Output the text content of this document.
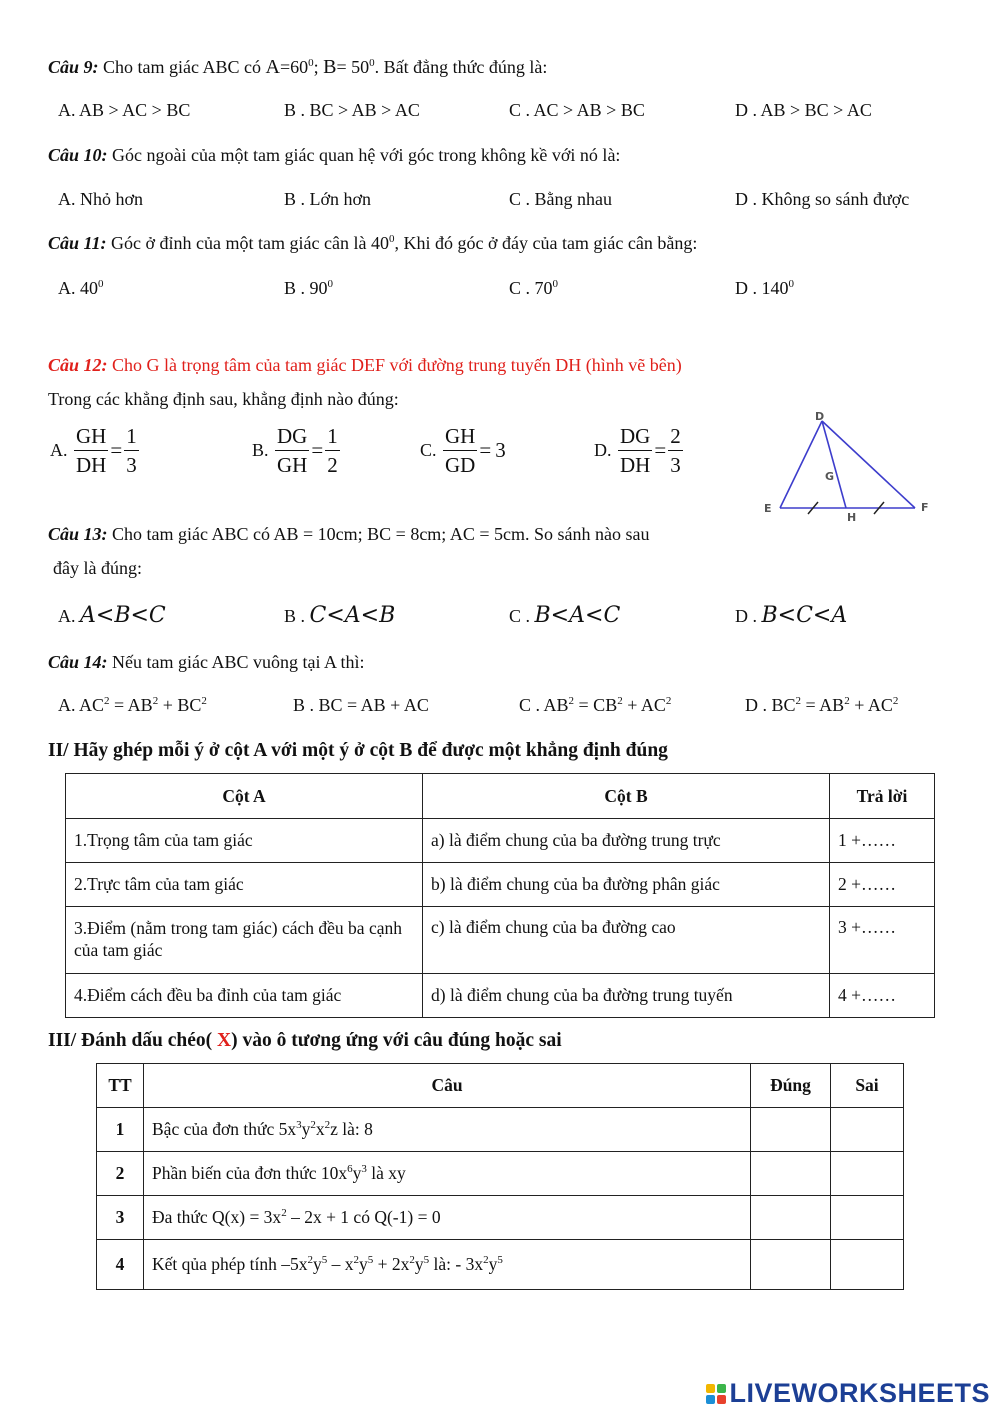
Câu 9: Cho tam giác ABC có $A=60^0$; $B= 50^0$. Bất đẳng thức đúng là:
A. AB > AC > BC	B . BC > AB > AC	C . AC > AB > BC	D . AB > BC > AC
Câu 10: Góc ngoài của một tam giác quan hệ với góc trong không kề với nó là:
A. Nhỏ hơn	B . Lớn hơn	C . Bằng nhau	D . Không so sánh được
Câu 11: Góc ở đỉnh của một tam giác cân là $40^0$, Khi đó góc ở đáy của tam giác cân bằng:
A. $40^0$	B . $90^0$	C . $70^0$	D . $140^0$
Câu 12: Cho G là trọng tâm của tam giác DEF với đường trung tuyến DH (hình vẽ bên)
Trong các khẳng định sau, khẳng định nào đúng:
A. $\frac{GH}{DH} = \frac{1}{3}$	B. $\frac{DG}{GH} = \frac{1}{2}$	C. $\frac{GH}{GD} = 3$	D. $\frac{DG}{DH} = \frac{2}{3}$
D
E	F
G
H
Câu 13: Cho tam giác ABC có AB = 10cm; BC = 8cm; AC = 5cm. So sánh nào sau
đây là đúng:
A. A<B<C	B . C<A<B	C . B<A<C	D . B<C<A
Câu 14: Nếu tam giác ABC vuông tại A thì:
A. $AC^2 = AB^2 + BC^2$	B . BC = AB + AC	C . $AB^2 = CB^2 + AC^2$	D . $BC^2 = AB^2 + AC^2$
II/ Hãy ghép mỗi ý ở cột A với một ý ở cột B để được một khẳng định đúng
Cột A	Cột B	Trả lời
1.Trọng tâm của tam giác	a) là điểm chung của ba đường trung trực	1 +……
2.Trực tâm của tam giác	b) là điểm chung của ba đường phân giác	2 +……
3.Điểm (nằm trong tam giác) cách đều ba cạnh của tam giác	c) là điểm chung của ba đường cao	3 +……
4.Điểm cách đều ba đỉnh của tam giác	d) là điểm chung của ba đường trung tuyến	4 +……
III/ Đánh dấu chéo( X) vào ô tương ứng với câu đúng hoặc sai
TT	Câu	Đúng	Sai
1	Bậc của đơn thức $5x^3y^2x^2z$ là: 8		
2	Phần biến của đơn thức $10x^6y^3$ là xy		
3	Đa thức $Q(x) = 3x^2 - 2x + 1$ có Q(-1) = 0		
4	Kết qủa phép tính $-5x^2y^5 - x^2y^5 + 2x^2y^5$ là: - $3x^2y^5$		
LIVEWORKSHEETS
